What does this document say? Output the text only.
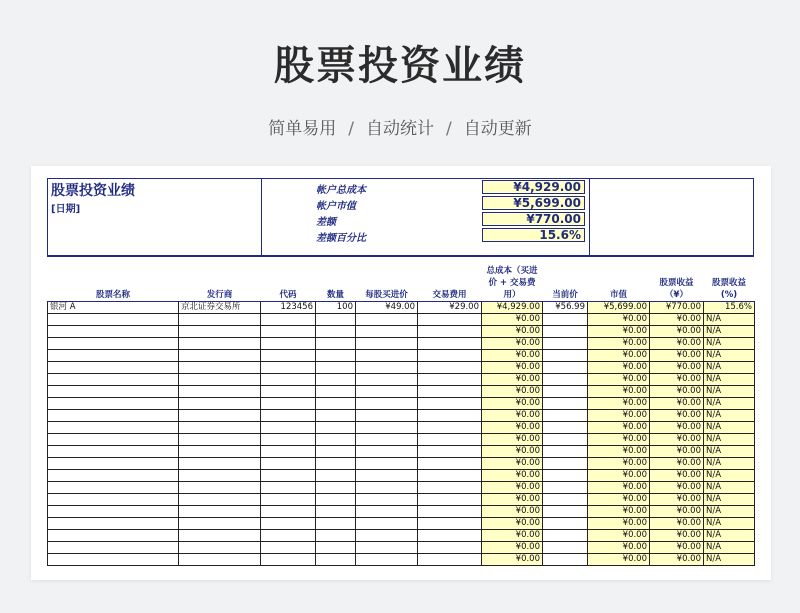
股票投资业绩
简单易用 / 自动统计 / 自动更新
股票投资业绩
[日期]
帐户总成本	¥4,929.00
帐户市值	¥5,699.00
差额	¥770.00
差额百分比	15.6%
股票名称	发行商	代码	数量	每股买进价	交易费用	总成本（买进价 + 交易费用）	当前价	市值	股票收益（¥）	股票收益(%)
银河 A	京北证券交易所	123456	100	¥49.00	¥29.00	¥4,929.00	¥56.99	¥5,699.00	¥770.00	15.6%
						¥0.00		¥0.00	¥0.00	N/A
						¥0.00		¥0.00	¥0.00	N/A
						¥0.00		¥0.00	¥0.00	N/A
						¥0.00		¥0.00	¥0.00	N/A
						¥0.00		¥0.00	¥0.00	N/A
						¥0.00		¥0.00	¥0.00	N/A
						¥0.00		¥0.00	¥0.00	N/A
						¥0.00		¥0.00	¥0.00	N/A
						¥0.00		¥0.00	¥0.00	N/A
						¥0.00		¥0.00	¥0.00	N/A
						¥0.00		¥0.00	¥0.00	N/A
						¥0.00		¥0.00	¥0.00	N/A
						¥0.00		¥0.00	¥0.00	N/A
						¥0.00		¥0.00	¥0.00	N/A
						¥0.00		¥0.00	¥0.00	N/A
						¥0.00		¥0.00	¥0.00	N/A
						¥0.00		¥0.00	¥0.00	N/A
						¥0.00		¥0.00	¥0.00	N/A
						¥0.00		¥0.00	¥0.00	N/A
						¥0.00		¥0.00	¥0.00	N/A
						¥0.00		¥0.00	¥0.00	N/A
